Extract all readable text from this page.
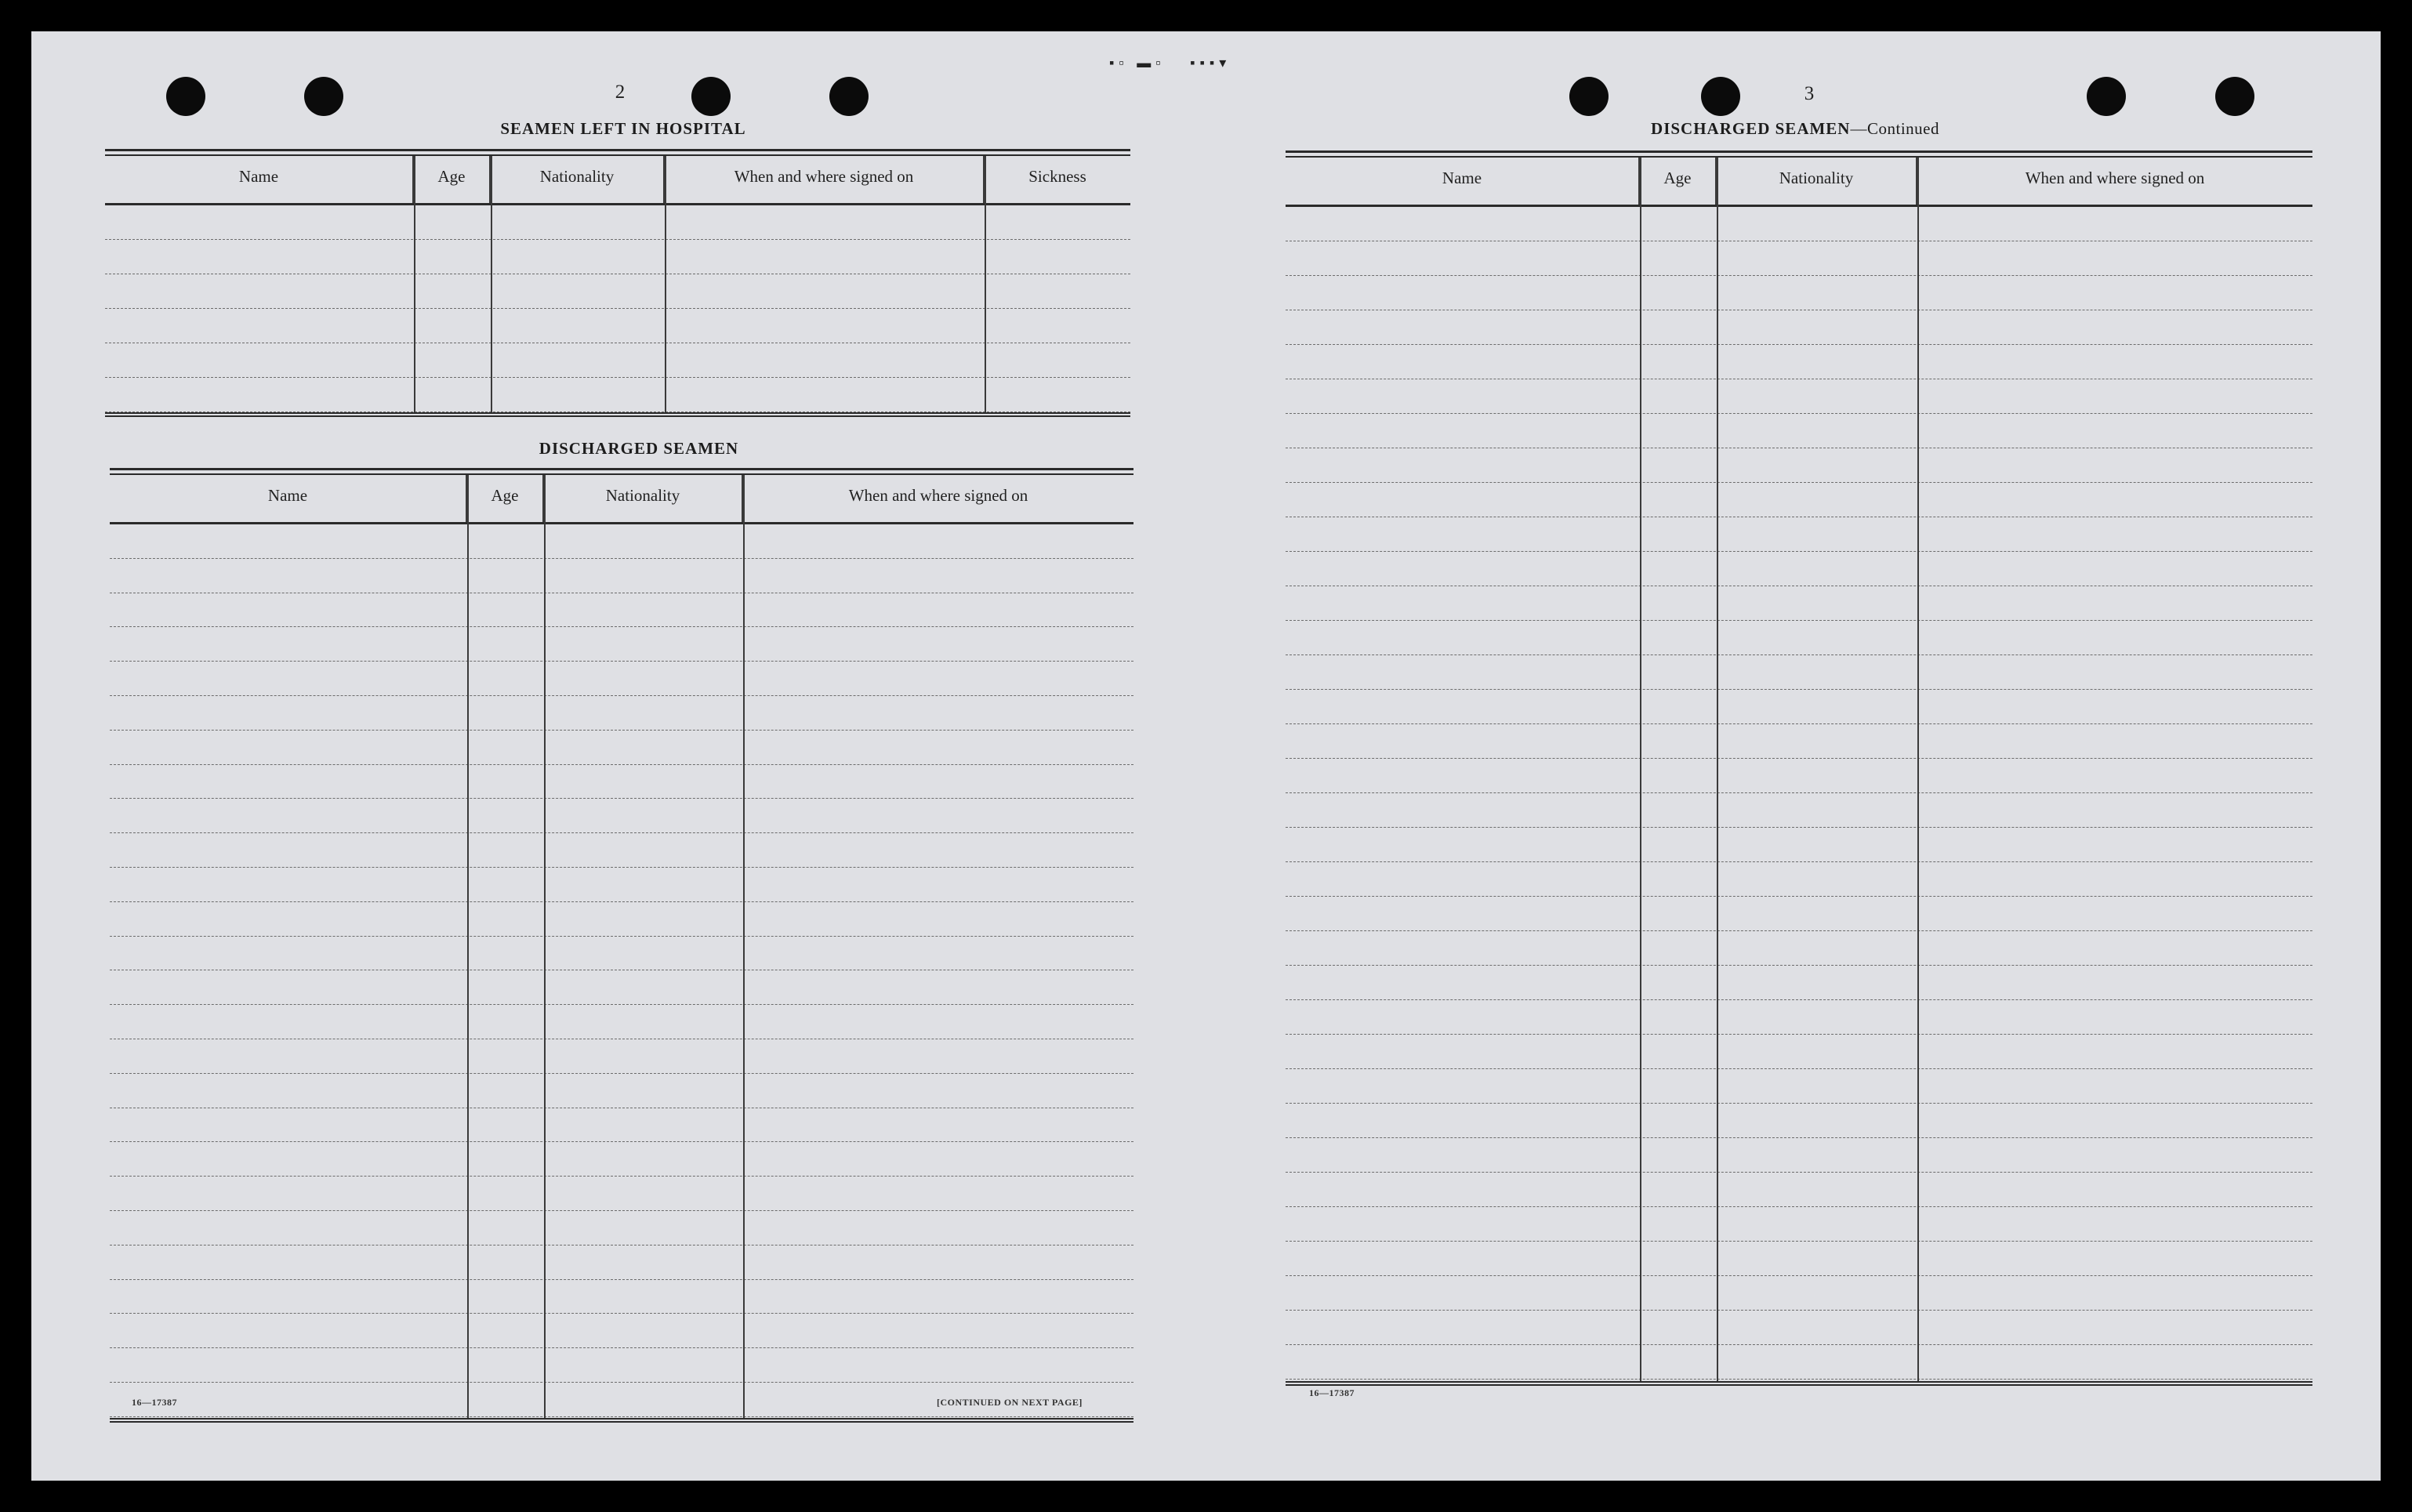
▪▫ ▬▫   ▪▪▪▾
2
SEAMEN LEFT IN HOSPITAL
Name	Age	Nationality	When and where signed on	Sickness
DISCHARGED SEAMEN
Name	Age	Nationality	When and where signed on
16—17387	[CONTINUED ON NEXT PAGE]
3
DISCHARGED SEAMEN—Continued
Name	Age	Nationality	When and where signed on
16—17387
